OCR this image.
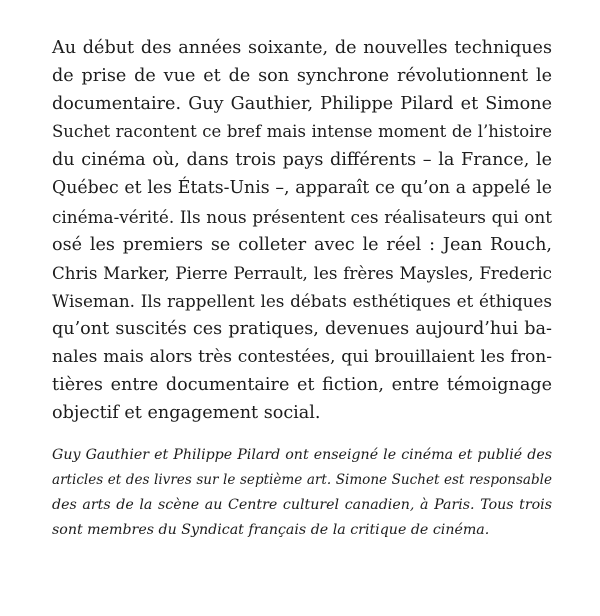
Au début des années soixante, de nouvelles techniques
de prise de vue et de son synchrone révolutionnent le
documentaire. Guy Gauthier, Philippe Pilard et Simone
Suchet racontent ce bref mais intense moment de l’histoire
du cinéma où, dans trois pays différents – la France, le
Québec et les États-Unis –, apparaît ce qu’on a appelé le
cinéma-vérité. Ils nous présentent ces réalisateurs qui ont
osé les premiers se colleter avec le réel : Jean Rouch,
Chris Marker, Pierre Perrault, les frères Maysles, Frederic
Wiseman. Ils rappellent les débats esthétiques et éthiques
qu’ont suscités ces pratiques, devenues aujourd’hui ba-
nales mais alors très contestées, qui brouillaient les fron-
tières entre documentaire et fiction, entre témoignage
objectif et engagement social.

Guy Gauthier et Philippe Pilard ont enseigné le cinéma et publié des
articles et des livres sur le septième art. Simone Suchet est responsable
des arts de la scène au Centre culturel canadien, à Paris. Tous trois
sont membres du Syndicat français de la critique de cinéma.
